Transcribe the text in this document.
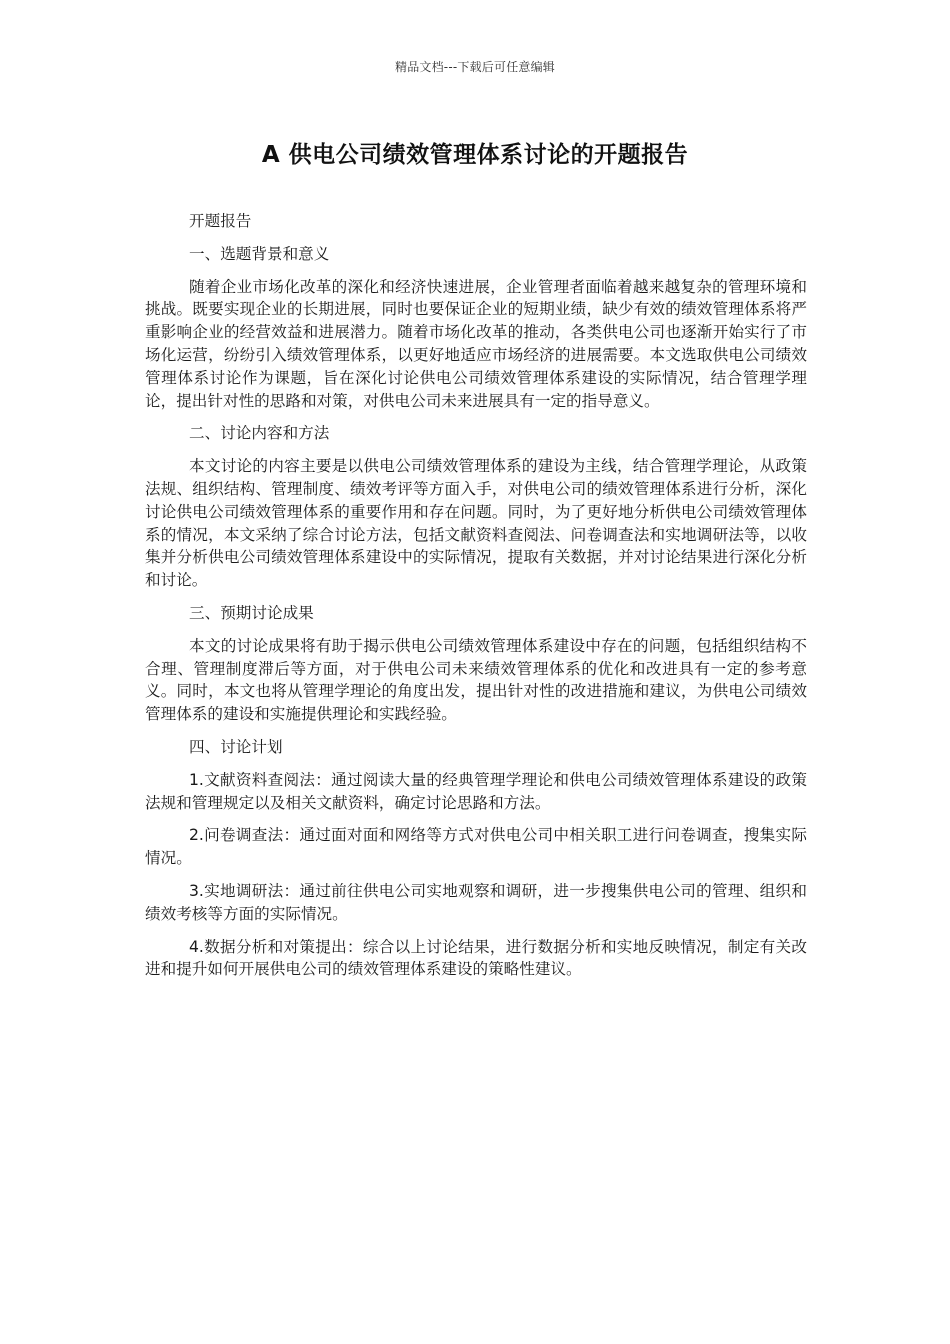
精品文档---下载后可任意编辑
A 供电公司绩效管理体系讨论的开题报告

开题报告

一、选题背景和意义

随着企业市场化改革的深化和经济快速进展，企业管理者面临着越来越复杂的管理环境和挑战。既要实现企业的长期进展，同时也要保证企业的短期业绩，缺少有效的绩效管理体系将严重影响企业的经营效益和进展潜力。随着市场化改革的推动，各类供电公司也逐渐开始实行了市场化运营，纷纷引入绩效管理体系，以更好地适应市场经济的进展需要。本文选取供电公司绩效管理体系讨论作为课题，旨在深化讨论供电公司绩效管理体系建设的实际情况，结合管理学理论，提出针对性的思路和对策，对供电公司未来进展具有一定的指导意义。

二、讨论内容和方法

本文讨论的内容主要是以供电公司绩效管理体系的建设为主线，结合管理学理论，从政策法规、组织结构、管理制度、绩效考评等方面入手，对供电公司的绩效管理体系进行分析，深化讨论供电公司绩效管理体系的重要作用和存在问题。同时，为了更好地分析供电公司绩效管理体系的情况，本文采纳了综合讨论方法，包括文献资料查阅法、问卷调查法和实地调研法等，以收集并分析供电公司绩效管理体系建设中的实际情况，提取有关数据，并对讨论结果进行深化分析和讨论。

三、预期讨论成果

本文的讨论成果将有助于揭示供电公司绩效管理体系建设中存在的问题，包括组织结构不合理、管理制度滞后等方面，对于供电公司未来绩效管理体系的优化和改进具有一定的参考意义。同时，本文也将从管理学理论的角度出发，提出针对性的改进措施和建议，为供电公司绩效管理体系的建设和实施提供理论和实践经验。

四、讨论计划

1.文献资料查阅法：通过阅读大量的经典管理学理论和供电公司绩效管理体系建设的政策法规和管理规定以及相关文献资料，确定讨论思路和方法。

2.问卷调查法：通过面对面和网络等方式对供电公司中相关职工进行问卷调查，搜集实际情况。

3.实地调研法：通过前往供电公司实地观察和调研，进一步搜集供电公司的管理、组织和绩效考核等方面的实际情况。

4.数据分析和对策提出：综合以上讨论结果，进行数据分析和实地反映情况，制定有关改进和提升如何开展供电公司的绩效管理体系建设的策略性建议。
